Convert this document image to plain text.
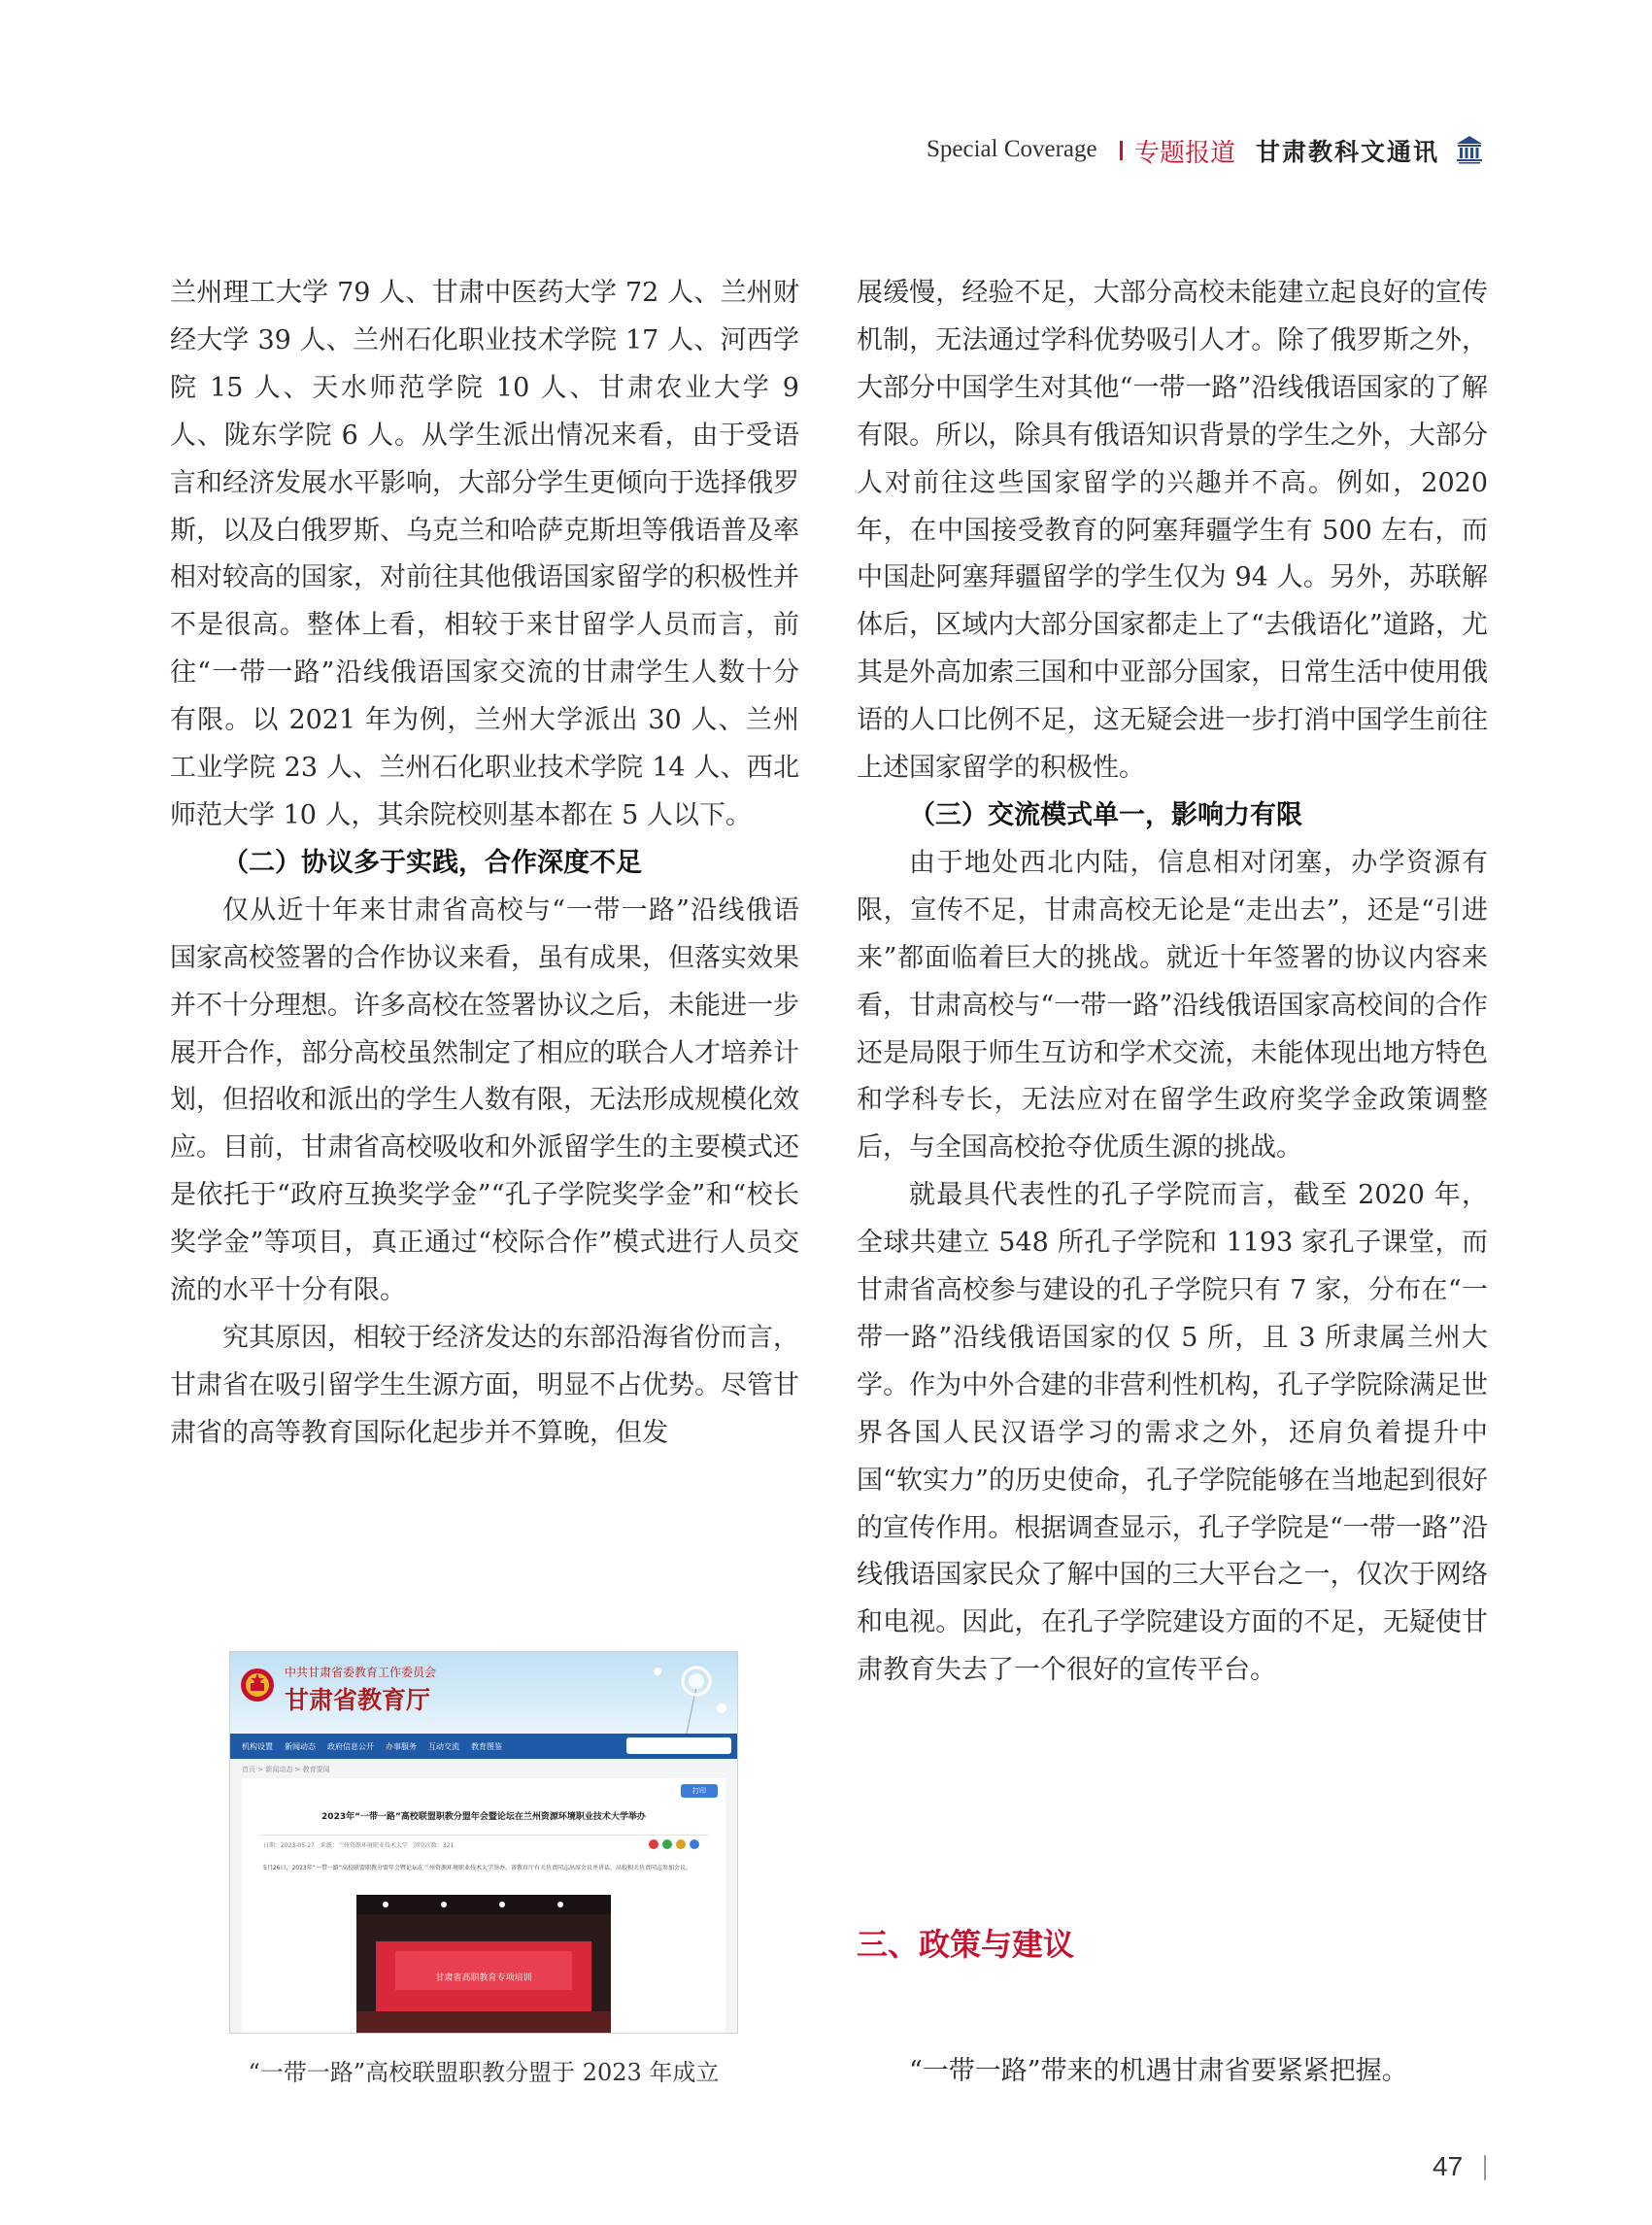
Special Coverage 专题报道 甘肃教科文通讯

兰州理工大学 79 人、甘肃中医药大学 72 人、兰州财经大学 39 人、兰州石化职业技术学院 17 人、河西学院 15 人、天水师范学院 10 人、甘肃农业大学 9 人、陇东学院 6 人。从学生派出情况来看，由于受语言和经济发展水平影响，大部分学生更倾向于选择俄罗斯，以及白俄罗斯、乌克兰和哈萨克斯坦等俄语普及率相对较高的国家，对前往其他俄语国家留学的积极性并不是很高。整体上看，相较于来甘留学人员而言，前往“一带一路”沿线俄语国家交流的甘肃学生人数十分有限。以 2021 年为例，兰州大学派出 30 人、兰州工业学院 23 人、兰州石化职业技术学院 14 人、西北师范大学 10 人，其余院校则基本都在 5 人以下。

（二）协议多于实践，合作深度不足

仅从近十年来甘肃省高校与“一带一路”沿线俄语国家高校签署的合作协议来看，虽有成果，但落实效果并不十分理想。许多高校在签署协议之后，未能进一步展开合作，部分高校虽然制定了相应的联合人才培养计划，但招收和派出的学生人数有限，无法形成规模化效应。目前，甘肃省高校吸收和外派留学生的主要模式还是依托于“政府互换奖学金”“孔子学院奖学金”和“校长奖学金”等项目，真正通过“校际合作”模式进行人员交流的水平十分有限。

究其原因，相较于经济发达的东部沿海省份而言，甘肃省在吸引留学生生源方面，明显不占优势。尽管甘肃省的高等教育国际化起步并不算晚，但发

展缓慢，经验不足，大部分高校未能建立起良好的宣传机制，无法通过学科优势吸引人才。除了俄罗斯之外，大部分中国学生对其他“一带一路”沿线俄语国家的了解有限。所以，除具有俄语知识背景的学生之外，大部分人对前往这些国家留学的兴趣并不高。例如，2020 年，在中国接受教育的阿塞拜疆学生有 500 左右，而中国赴阿塞拜疆留学的学生仅为 94 人。另外，苏联解体后，区域内大部分国家都走上了“去俄语化”道路，尤其是外高加索三国和中亚部分国家，日常生活中使用俄语的人口比例不足，这无疑会进一步打消中国学生前往上述国家留学的积极性。

（三）交流模式单一，影响力有限

由于地处西北内陆，信息相对闭塞，办学资源有限，宣传不足，甘肃高校无论是“走出去”，还是“引进来”都面临着巨大的挑战。就近十年签署的协议内容来看，甘肃高校与“一带一路”沿线俄语国家高校间的合作还是局限于师生互访和学术交流，未能体现出地方特色和学科专长，无法应对在留学生政府奖学金政策调整后，与全国高校抢夺优质生源的挑战。

就最具代表性的孔子学院而言，截至 2020 年，全球共建立 548 所孔子学院和 1193 家孔子课堂，而甘肃省高校参与建设的孔子学院只有 7 家，分布在“一带一路”沿线俄语国家的仅 5 所，且 3 所隶属兰州大学。作为中外合建的非营利性机构，孔子学院除满足世界各国人民汉语学习的需求之外，还肩负着提升中国“软实力”的历史使命，孔子学院能够在当地起到很好的宣传作用。根据调查显示，孔子学院是“一带一路”沿线俄语国家民众了解中国的三大平台之一，仅次于网络和电视。因此，在孔子学院建设方面的不足，无疑使甘肃教育失去了一个很好的宣传平台。

中共甘肃省委教育工作委员会
甘肃省教育厅
机构设置 新闻动态 政府信息公开 办事服务 互动交流 教育图鉴	请输入搜索关键字 ⌕
首页 > 新闻动态 > 教育要闻
打印
2023年“一带一路”高校联盟职教分盟年会暨论坛在兰州资源环境职业技术大学举办
日期：2023-05-27　来源：兰州资源环境职业技术大学　浏览次数：321
5月26日，2023年“一带一路”高校联盟职教分盟年会暨论坛在兰州资源环境职业技术大学举办。省教育厅有关负责同志出席会议并讲话，高校相关负责同志参加会议。
甘肃省高职教育专项培训
“一带一路”高校联盟职教分盟于 2023 年成立
三、政策与建议
“一带一路”带来的机遇甘肃省要紧紧把握。
47
